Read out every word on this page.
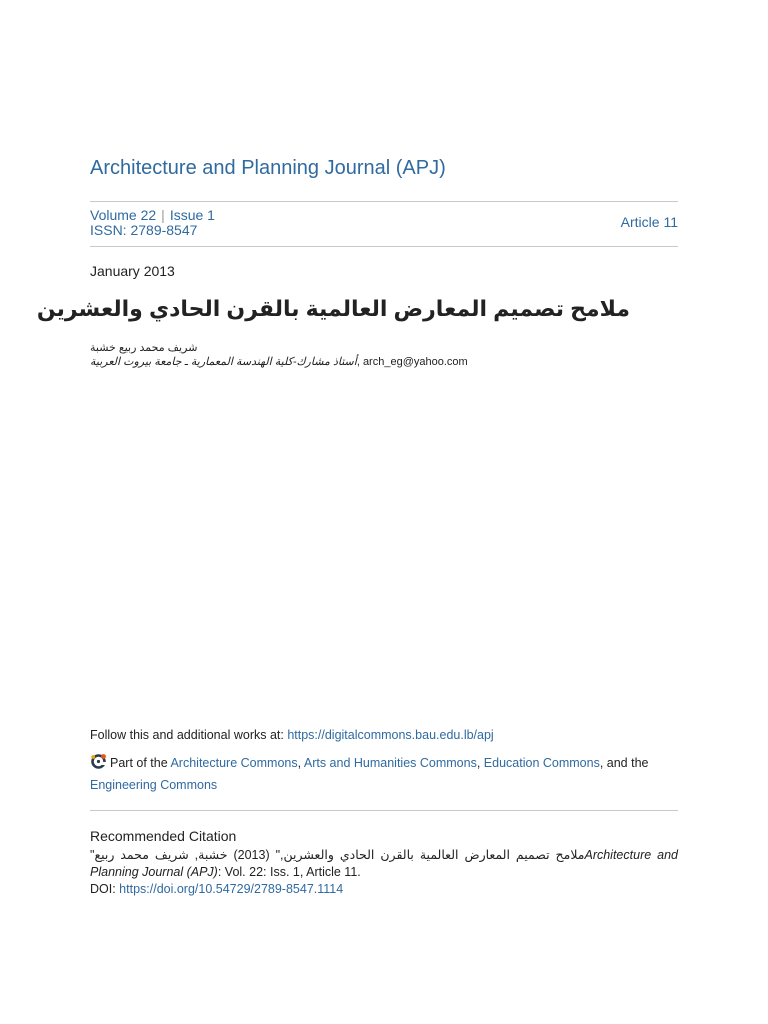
Architecture and Planning Journal (APJ)
Volume 22 | Issue 1
ISSN: 2789-8547	Article 11
January 2013
ملامح تصميم المعارض العالمية بالقرن الحادي والعشرين
شريف محمد ربيع خشبة
أستاذ مشارك-كلية الهندسة المعمارية ـ جامعة بيروت العربية, arch_eg@yahoo.com
Follow this and additional works at: https://digitalcommons.bau.edu.lb/apj
Part of the Architecture Commons, Arts and Humanities Commons, Education Commons, and the
Engineering Commons
Recommended Citation
"ملامح تصميم المعارض العالمية بالقرن الحادي والعشرين," (2013) خشبة, شريف محمد ربيع	Architecture and
Planning Journal (APJ): Vol. 22: Iss. 1, Article 11.
DOI: https://doi.org/10.54729/2789-8547.1114
